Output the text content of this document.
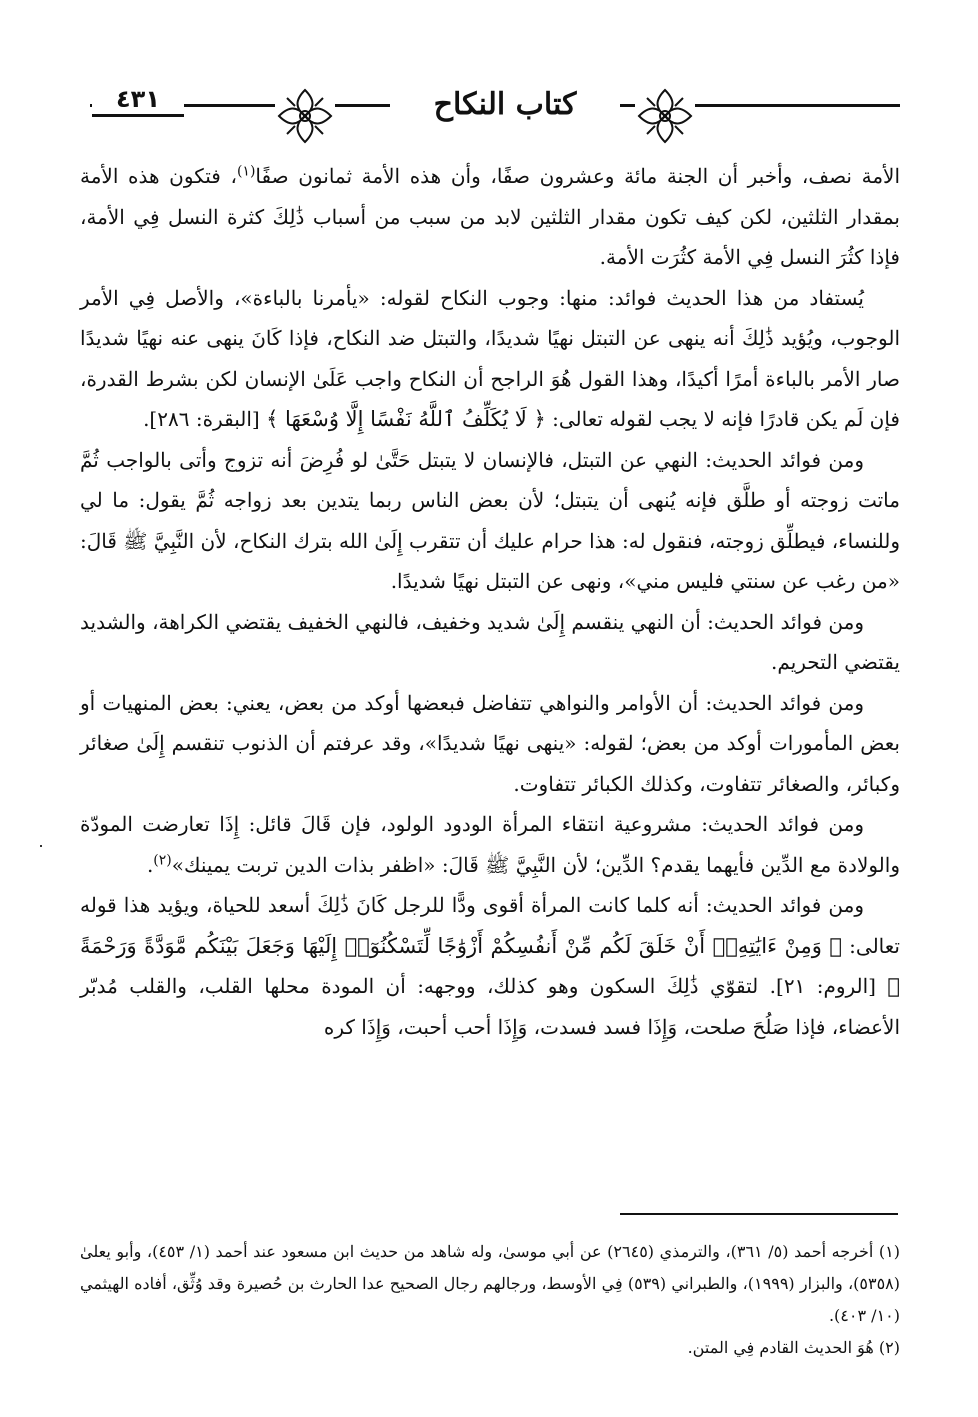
كتاب النكاح
٤٣١

الأمة نصف، وأخبر أن الجنة مائة وعشرون صفًا، وأن هذه الأمة ثمانون صفًا$^{(١)}$، فتكون هذه الأمة بمقدار الثلثين، لكن كيف تكون مقدار الثلثين لابد من سبب من أسباب ذَٰلِكَ كثرة النسل فِي الأمة، فإذا كثُرَ النسل فِي الأمة كثُرَت الأمة.

يُستفاد من هذا الحديث فوائد: منها: وجوب النكاح لقوله: «يأمرنا بالباءة»، والأصل فِي الأمر الوجوب، ويُؤيد ذَٰلِكَ أنه ينهى عن التبتل نهيًا شديدًا، والتبتل ضد النكاح، فإذا كَانَ ينهى عنه نهيًا شديدًا صار الأمر بالباءة أمرًا أكيدًا، وهذا القول هُوَ الراجح أن النكاح واجب عَلَىٰ الإنسان لكن بشرط القدرة، فإن لَم يكن قادرًا فإنه لا يجب لقوله تعالى: ﴿ لَا يُكَلِّفُ ٱللَّهُ نَفْسًا إِلَّا وُسْعَهَا ﴾ [البقرة: ٢٨٦].

ومن فوائد الحديث: النهي عن التبتل، فالإنسان لا يتبتل حَتَّىٰ لو فُرِضَ أنه تزوج وأتى بالواجب ثُمَّ ماتت زوجته أو طلَّق فإنه يُنهى أن يتبتل؛ لأن بعض الناس ربما يتدين بعد زواجه ثُمَّ يقول: ما لي وللنساء، فيطلِّق زوجته، فنقول له: هذا حرام عليك أن تتقرب إِلَىٰ الله بترك النكاح، لأن النَّبِيَّ ﷺ قَالَ: «من رغب عن سنتي فليس مني»، ونهى عن التبتل نهيًا شديدًا.

ومن فوائد الحديث: أن النهي ينقسم إِلَىٰ شديد وخفيف، فالنهي الخفيف يقتضي الكراهة، والشديد يقتضي التحريم.

ومن فوائد الحديث: أن الأوامر والنواهي تتفاضل فبعضها أوكد من بعض، يعني: بعض المنهيات أو بعض المأمورات أوكد من بعض؛ لقوله: «ينهى نهيًا شديدًا»، وقد عرفتم أن الذنوب تنقسم إِلَىٰ صغائر وكبائر، والصغائر تتفاوت، وكذلك الكبائر تتفاوت.

ومن فوائد الحديث: مشروعية انتقاء المرأة الودود الولود، فإن قَالَ قائل: إِذَا تعارضت المودّة والولادة مع الدِّين فأيهما يقدم؟ الدِّين؛ لأن النَّبِيَّ ﷺ قَالَ: «اظفر بذات الدين تربت يمينك»$^{(٢)}$.

ومن فوائد الحديث: أنه كلما كانت المرأة أقوى ودًّا للرجل كَانَ ذَٰلِكَ أسعد للحياة، ويؤيد هذا قوله تعالى: ﴿ وَمِنْ ءَايَٰتِهِۦٓ أَنْ خَلَقَ لَكُم مِّنْ أَنفُسِكُمْ أَزْوَٰجًا لِّتَسْكُنُوٓا۟ إِلَيْهَا وَجَعَلَ بَيْنَكُم مَّوَدَّةً وَرَحْمَةً ﴾ [الروم: ٢١]. لتقوّي ذَٰلِكَ السكون وهو كذلك، ووجهه: أن المودة محلها القلب، والقلب مُدبّر الأعضاء، فإذا صَلُحَ صلحت، وَإِذَا فسد فسدت، وَإِذَا أحب أحبت، وَإِذَا كره

(١) أخرجه أحمد (٥/ ٣٦١)، والترمذي (٢٦٤٥) عن أبي موسىٰ، وله شاهد من حديث ابن مسعود عند أحمد (١/ ٤٥٣)، وأبو يعلىٰ (٥٣٥٨)، والبزار (١٩٩٩)، والطبراني (٥٣٩) فِي الأوسط، ورجالهم رجال الصحيح عدا الحارث بن حُصيرة وقد وُثِّق، أفاده الهيثمي (١٠/ ٤٠٣).

(٢) هُوَ الحديث القادم فِي المتن.
